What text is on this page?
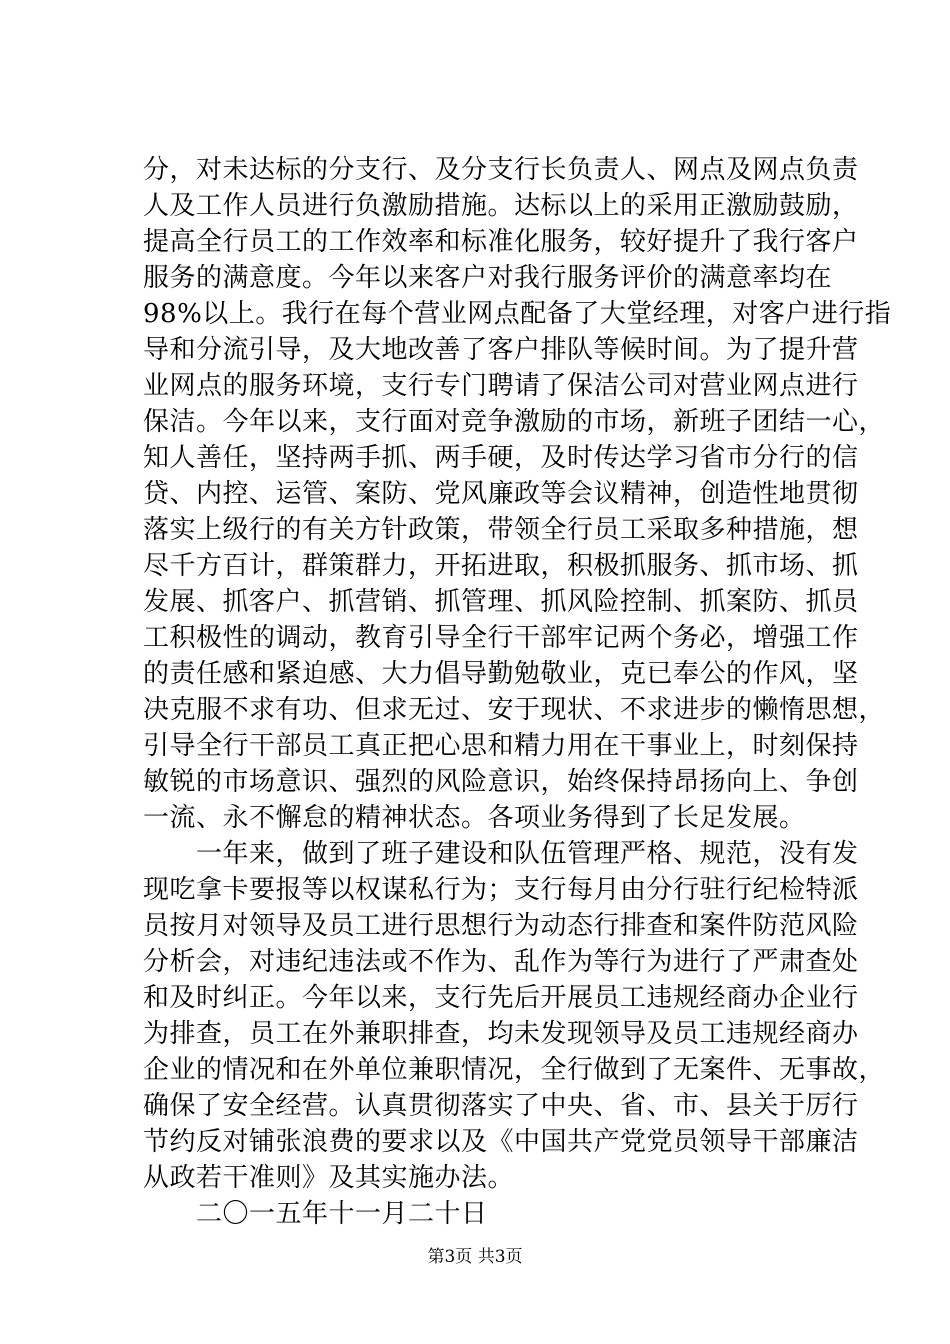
分，对未达标的分支行、及分支行长负责人、网点及网点负责
人及工作人员进行负激励措施。达标以上的采用正激励鼓励，
提高全行员工的工作效率和标准化服务，较好提升了我行客户
服务的满意度。今年以来客户对我行服务评价的满意率均在
98%以上。我行在每个营业网点配备了大堂经理，对客户进行指
导和分流引导，及大地改善了客户排队等候时间。为了提升营
业网点的服务环境，支行专门聘请了保洁公司对营业网点进行
保洁。今年以来，支行面对竞争激励的市场，新班子团结一心，
知人善任，坚持两手抓、两手硬，及时传达学习省市分行的信
贷、内控、运管、案防、党风廉政等会议精神，创造性地贯彻
落实上级行的有关方针政策，带领全行员工采取多种措施，想
尽千方百计，群策群力，开拓进取，积极抓服务、抓市场、抓
发展、抓客户、抓营销、抓管理、抓风险控制、抓案防、抓员
工积极性的调动，教育引导全行干部牢记两个务必，增强工作
的责任感和紧迫感、大力倡导勤勉敬业，克已奉公的作风，坚
决克服不求有功、但求无过、安于现状、不求进步的懒惰思想，
引导全行干部员工真正把心思和精力用在干事业上，时刻保持
敏锐的市场意识、强烈的风险意识，始终保持昂扬向上、争创
一流、永不懈怠的精神状态。各项业务得到了长足发展。
　　一年来，做到了班子建设和队伍管理严格、规范，没有发
现吃拿卡要报等以权谋私行为；支行每月由分行驻行纪检特派
员按月对领导及员工进行思想行为动态行排查和案件防范风险
分析会，对违纪违法或不作为、乱作为等行为进行了严肃查处
和及时纠正。今年以来，支行先后开展员工违规经商办企业行
为排查，员工在外兼职排查，均未发现领导及员工违规经商办
企业的情况和在外单位兼职情况，全行做到了无案件、无事故，
确保了安全经营。认真贯彻落实了中央、省、市、县关于厉行
节约反对铺张浪费的要求以及《中国共产党党员领导干部廉洁
从政若干准则》及其实施办法。
　　二〇一五年十一月二十日
第3页 共3页
